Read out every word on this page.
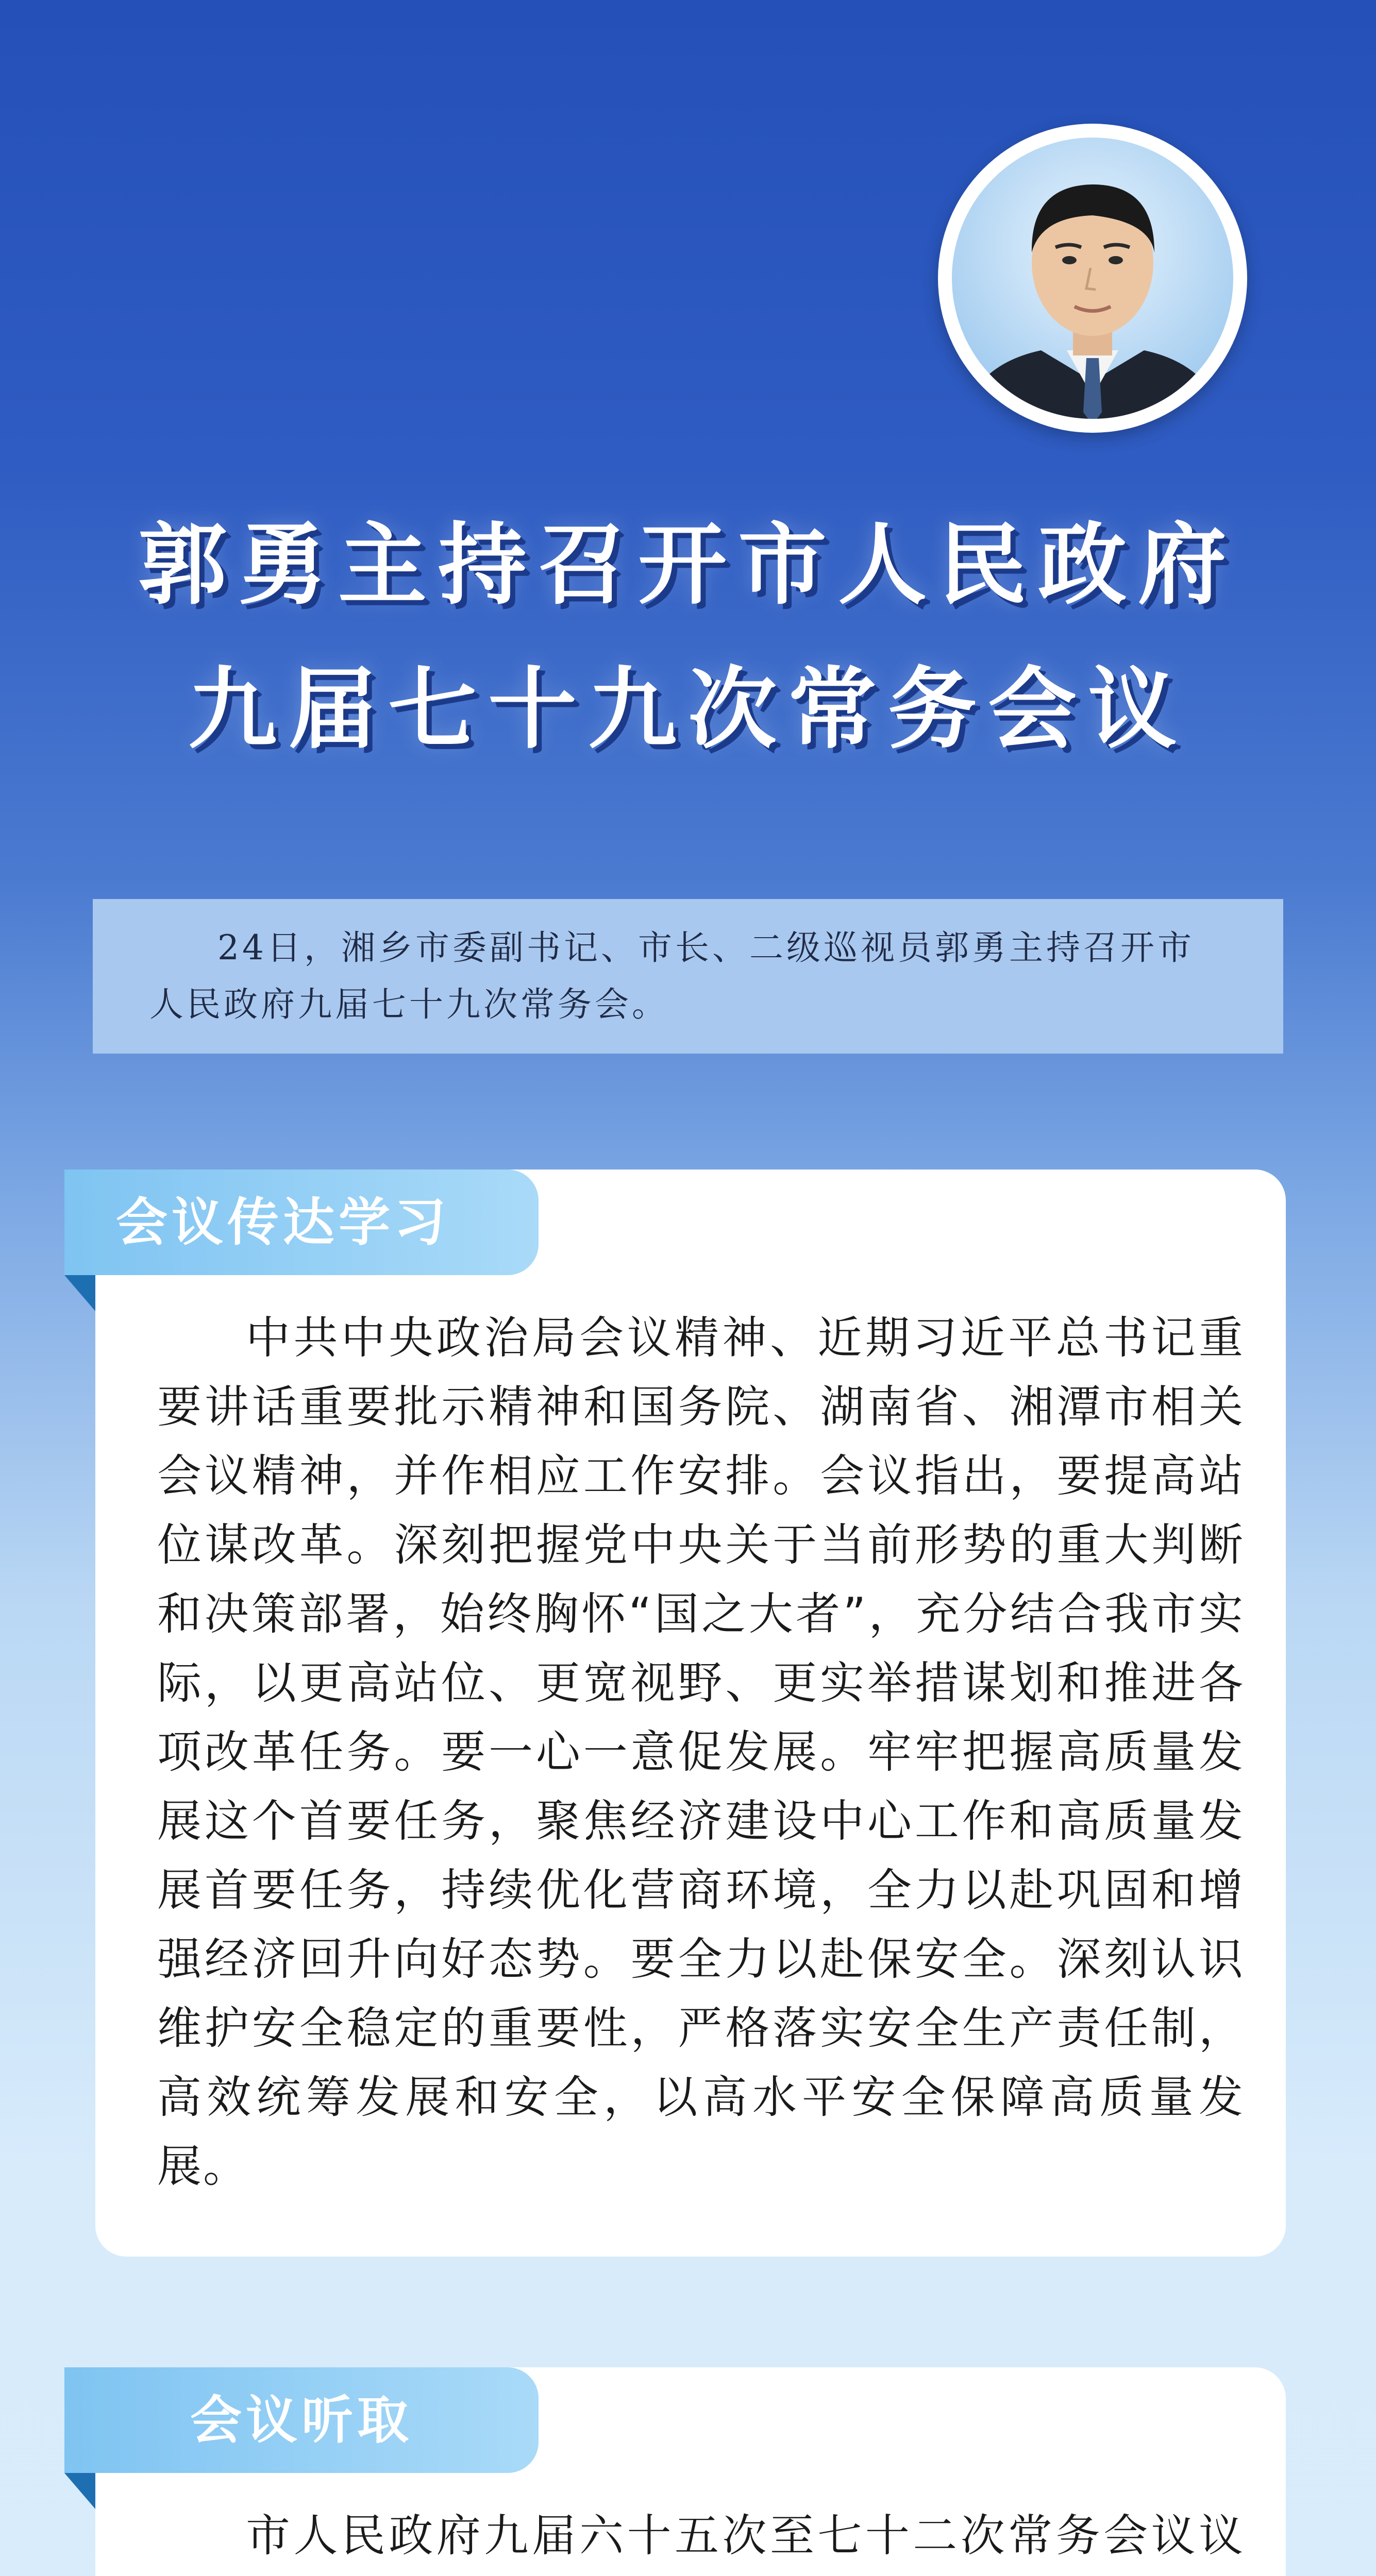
郭勇主持召开市人民政府
九届七十九次常务会议
24日，湘乡市委副书记、市长、二级巡视员郭勇主持召开市人民政府九届七十九次常务会。

中共中央政治局会议精神、近期习近平总书记重要讲话重要批示精神和国务院、湖南省、湘潭市相关会议精神，并作相应工作安排。会议指出，要提高站位谋改革。深刻把握党中央关于当前形势的重大判断和决策部署，始终胸怀“国之大者”，充分结合我市实际，以更高站位、更宽视野、更实举措谋划和推进各项改革任务。要一心一意促发展。牢牢把握高质量发展这个首要任务，聚焦经济建设中心工作和高质量发展首要任务，持续优化营商环境，全力以赴巩固和增强经济回升向好态势。要全力以赴保安全。深刻认识维护安全稳定的重要性，严格落实安全生产责任制，高效统筹发展和安全，以高水平安全保障高质量发展。

会议传达学习

市人民政府九届六十五次至七十二次常务会议议

会议听取
